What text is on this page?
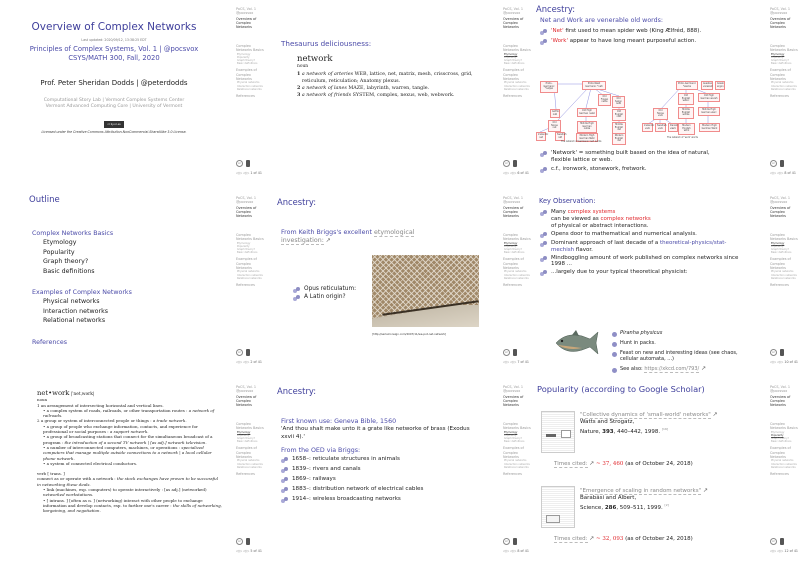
Overview of Complex Networks
Last updated: 2020/09/12, 13:38:25 EDT
Principles of Complex Systems, Vol. 1 | @pocsvox
CSYS/MATH 300, Fall, 2020
Prof. Peter Sheridan Dodds | @peterdodds
Computational Story Lab | Vermont Complex Systems Center
Vermont Advanced Computing Core | University of Vermont
cc by-nc-sa
Licensed under the Creative Commons Attribution-NonCommercial-ShareAlike 3.0 License.
PoCS, Vol. 1
@pocsvox
Overview of Complex Networks
Complex Networks Basics
Etymology
Popularity
Graph theory?
Basic definitions
Examples of Complex Networks
Physical networks
Interaction networks
Relational networks
References
cc
◁ ▷ ◁ ▷ 1 of 41
Thesaurus deliciousness:
network
noun
1 a network of arteries WEB, lattice, net, matrix, mesh, crisscross, grid, reticulum, reticulation; Anatomy plexus.
2 a network of lanes MAZE, labyrinth, warren, tangle.
3 a network of friends SYSTEM, complex, nexus, web, webwork.
PoCS, Vol. 1
@pocsvox
Overview of Complex Networks
Complex Networks Basics
Etymology
Popularity
Graph theory?
Basic definitions
Examples of Complex Networks
Physical networks
Interaction networks
Relational networks
References
cc
◁ ▷ ◁ ▷ 6 of 41
Ancestry:
Net and Work are venerable old words:
'Net' first used to mean spider web (King Ælfréd, 888).
'Work' appear to have long meant purposeful action.
Proto-Germanic *natjan
Proto-West Germanic *nati
Old Frisian nette
Old Saxon netti
Gothic nati
Old High German nezzi
Old English nett
Old Norse net
Middle High German netze
Middle English net
Icelandic net
Swedish nät
Modern High German Netz
Modern English net
The network of Germanic 'net' words
Proto-Germanic *werka
Avestan varəzem
Greek ergon
Old English weorc
Old High German werah
Old Norse verk
Middle English werke
Middle High German werc
Icelandic verk
Swedish verk
Danish værk
Modern English work
Modern High German Werk
The network of 'work' words
'Network' = something built based on the idea of natural, flexible lattice or web.
c.f., ironwork, stonework, fretwork.
PoCS, Vol. 1
@pocsvox
Overview of Complex Networks
Complex Networks Basics
Etymology
Popularity
Graph theory?
Basic definitions
Examples of Complex Networks
Physical networks
Interaction networks
Relational networks
References
cc
◁ ▷ ◁ ▷ 8 of 41
Outline
Complex Networks Basics
Etymology
Popularity
Graph theory?
Basic definitions
Examples of Complex Networks
Physical networks
Interaction networks
Relational networks
References
PoCS, Vol. 1
@pocsvox
Overview of Complex Networks
Complex Networks Basics
Etymology
Popularity
Graph theory?
Basic definitions
Examples of Complex Networks
Physical networks
Interaction networks
Relational networks
References
cc
◁ ▷ ◁ ▷ 2 of 41
Ancestry:
From Keith Briggs's excellent etymological investigation: ↗
Opus reticulatum:
A Latin origin?
[http://serialconsign.com/2007/11/we-put-net-network]
PoCS, Vol. 1
@pocsvox
Overview of Complex Networks
Complex Networks Basics
Etymology
Popularity
Graph theory?
Basic definitions
Examples of Complex Networks
Physical networks
Interaction networks
Relational networks
References
cc
◁ ▷ ◁ ▷ 7 of 41
Key Observation:
Many complex systems
can be viewed as complex networks
of physical or abstract interactions.
Opens door to mathematical and numerical analysis.
Dominant approach of last decade of a theoretical-physics/stat-mechish flavor.
Mindboggling amount of work published on complex networks since 1998 ...
...largely due to your typical theoretical physicist:
Piranha physicus
Hunt in packs.
Feast on new and interesting ideas (see chaos, cellular automata, ...)
See also: https://xkcd.com/793/ ↗
PoCS, Vol. 1
@pocsvox
Overview of Complex Networks
Complex Networks Basics
Etymology
Popularity
Graph theory?
Basic definitions
Examples of Complex Networks
Physical networks
Interaction networks
Relational networks
References
cc
◁ ▷ ◁ ▷ 10 of 41
net•work |ˈnetˌwərk|
noun
1 an arrangement of intersecting horizontal and vertical lines.
• a complex system of roads, railroads, or other transportation routes : a network of railroads.
2 a group or system of interconnected people or things : a trade network.
• a group of people who exchange information, contacts, and experience for professional or social purposes : a support network.
• a group of broadcasting stations that connect for the simultaneous broadcast of a program : the introduction of a second TV network | [as adj.] network television.
• a number of interconnected computers, machines, or operations : specialized computers that manage multiple outside connections to a network | a local cellular phone network.
• a system of connected electrical conductors.
verb [ trans. ]
connect as or operate with a network : the stock exchanges have proven to be successful in networking these deals.
• link (machines, esp. computers) to operate interactively : [as adj.] (networked) networked workstations.
• [ intrans. ] [often as n. ] (networking) interact with other people to exchange information and develop contacts, esp. to further one's career : the skills of networking, bargaining, and negotiation.
PoCS, Vol. 1
@pocsvox
Overview of Complex Networks
Complex Networks Basics
Etymology
Popularity
Graph theory?
Basic definitions
Examples of Complex Networks
Physical networks
Interaction networks
Relational networks
References
cc
◁ ▷ ◁ ▷ 5 of 41
Ancestry:
First known use: Geneva Bible, 1560
'And thou shalt make unto it a grate like networke of brass (Exodus xxvii 4).'
From the OED via Briggs:
1658–: reticulate structures in animals
1839–: rivers and canals
1869–: railways
1883–: distribution network of electrical cables
1914–: wireless broadcasting networks
PoCS, Vol. 1
@pocsvox
Overview of Complex Networks
Complex Networks Basics
Etymology
Popularity
Graph theory?
Basic definitions
Examples of Complex Networks
Physical networks
Interaction networks
Relational networks
References
cc
◁ ▷ ◁ ▷ 8 of 41
Popularity (according to Google Scholar)
"Collective dynamics of 'small-world' networks" ↗
Watts and Strogatz,
Nature, 393, 440–442, 1998. [16]
Times cited: ↗ ~ 37, 460 (as of October 24, 2018)
"Emergence of scaling in random networks" ↗
Barabási and Albert,
Science, 286, 509–511, 1999. [2]
Times cited: ↗ ~ 32, 093 (as of October 24, 2018)
PoCS, Vol. 1
@pocsvox
Overview of Complex Networks
Complex Networks Basics
Etymology
Popularity
Graph theory?
Basic definitions
Examples of Complex Networks
Physical networks
Interaction networks
Relational networks
References
cc
◁ ▷ ◁ ▷ 12 of 41
